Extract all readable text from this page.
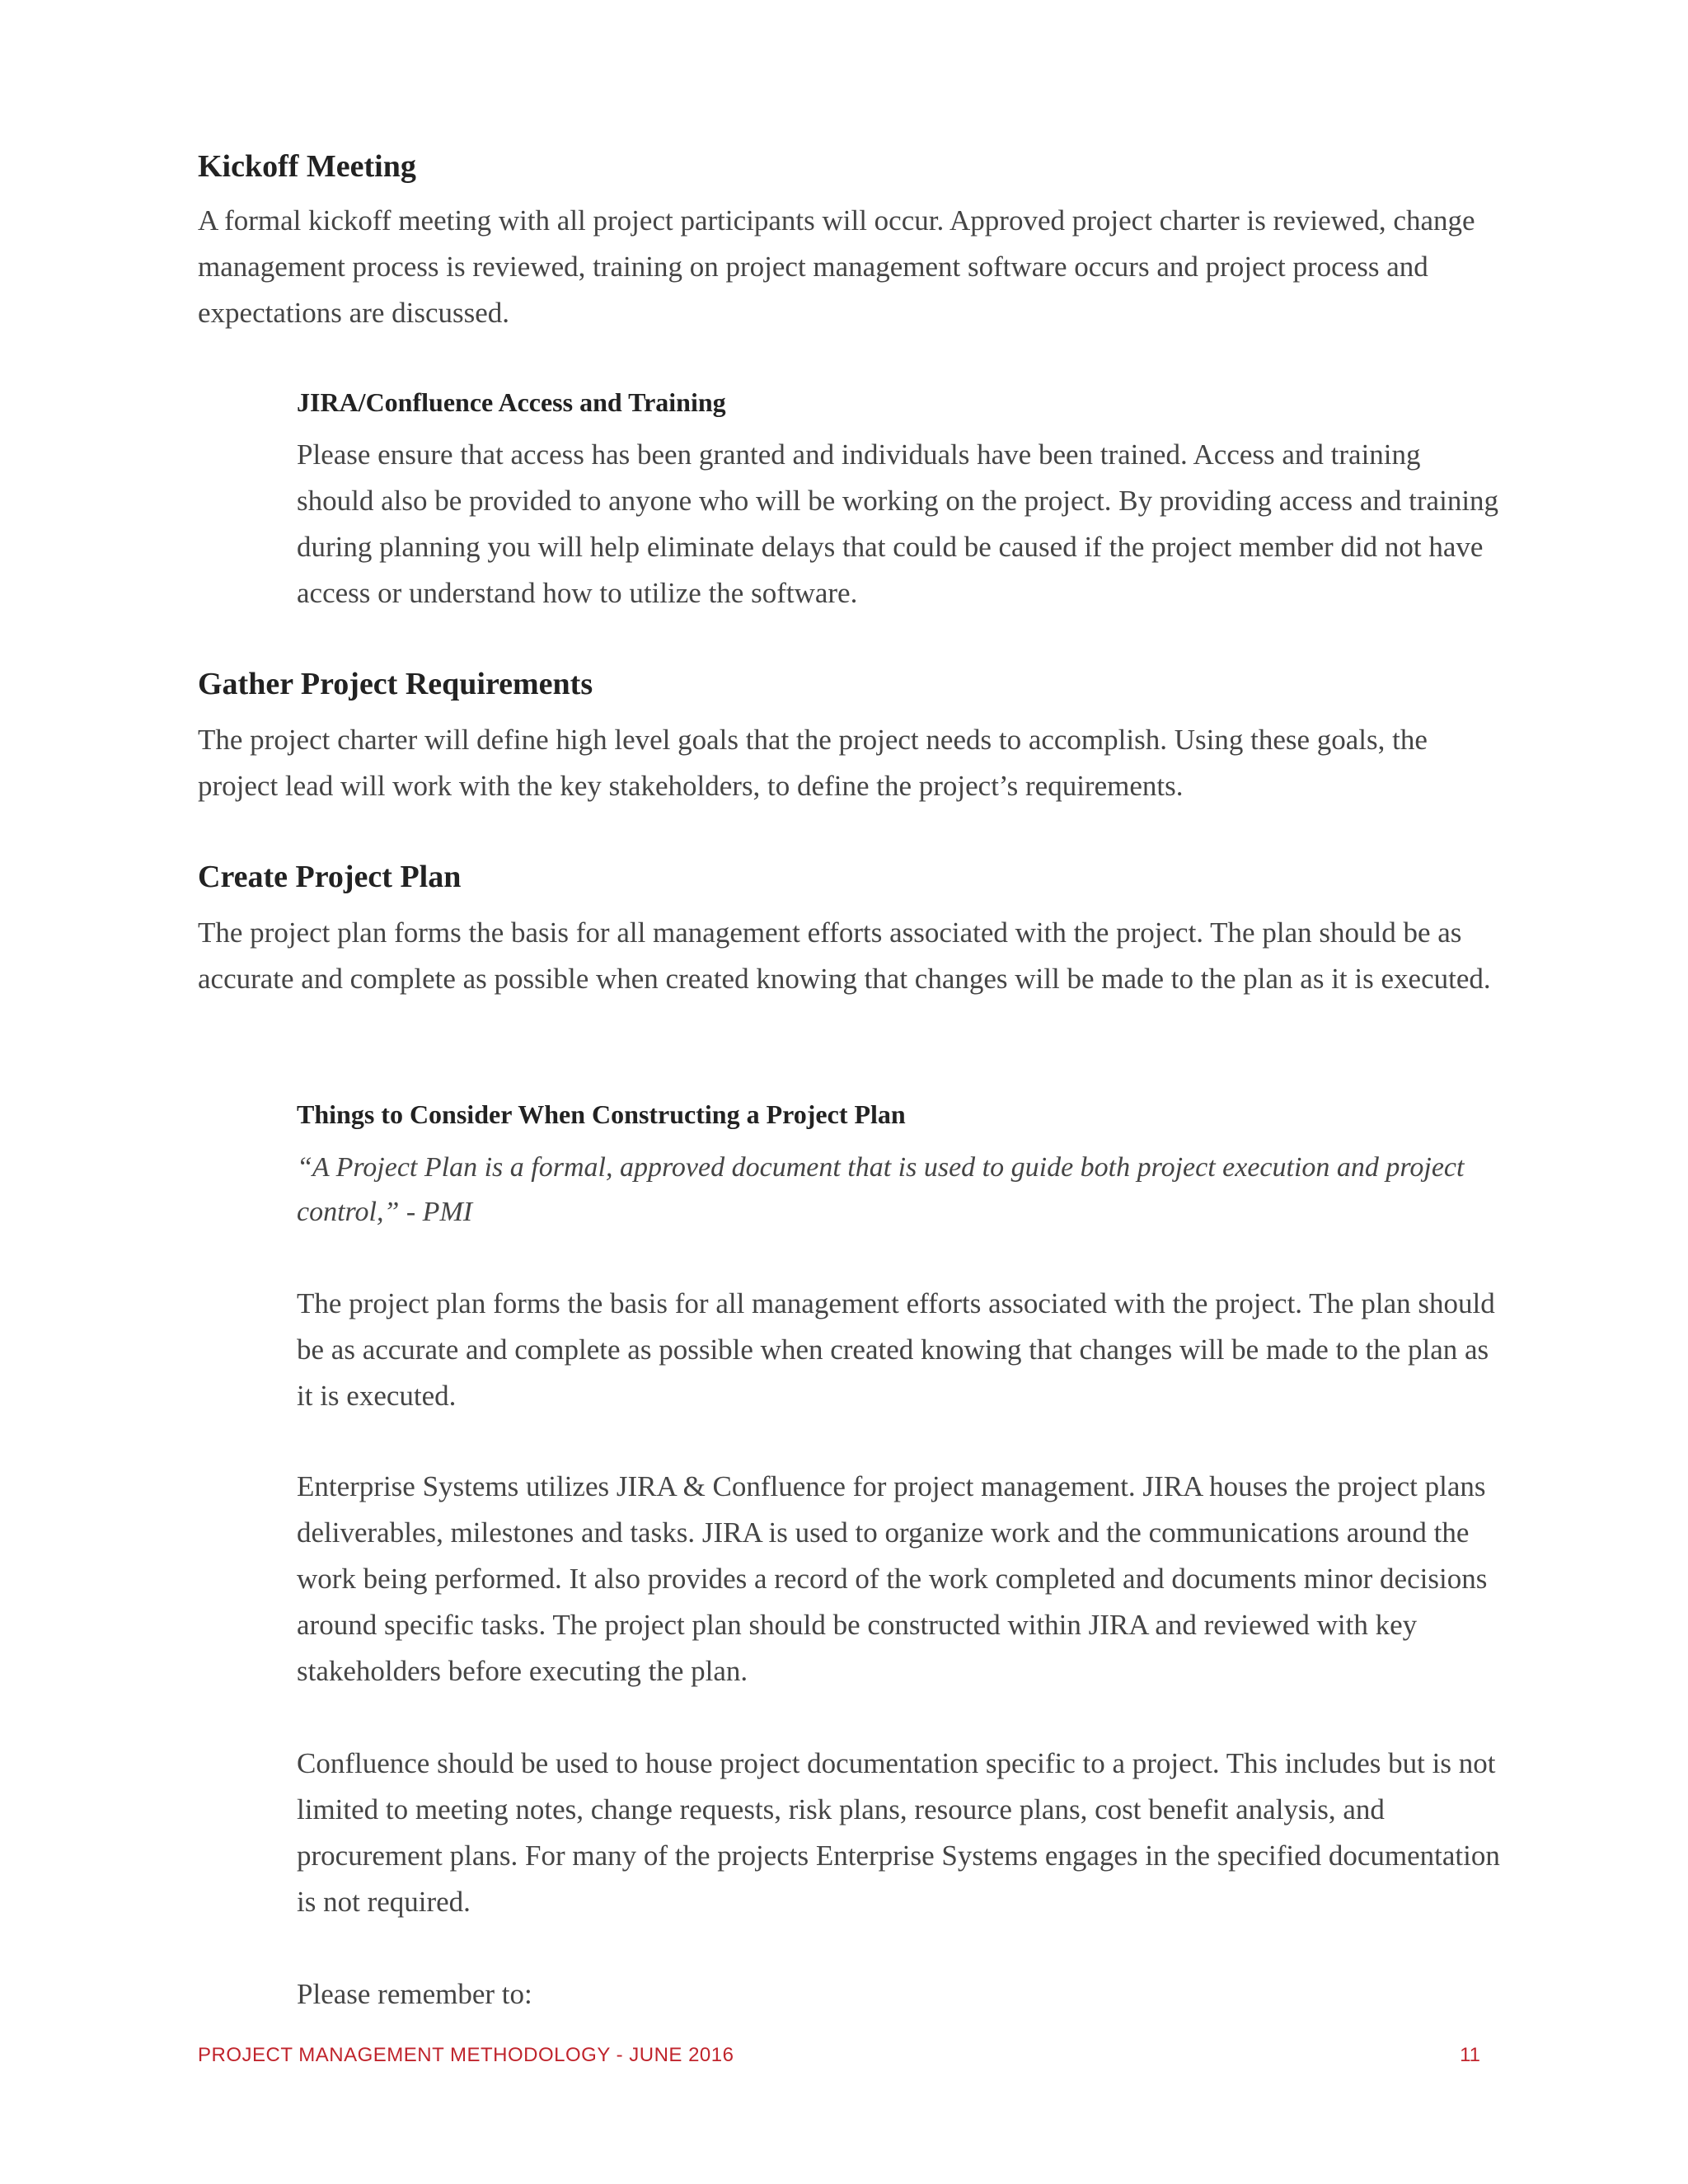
Kickoff Meeting

A formal kickoff meeting with all project participants will occur. Approved project charter is reviewed, change management process is reviewed, training on project management software occurs and project process and expectations are discussed.

JIRA/Confluence Access and Training

Please ensure that access has been granted and individuals have been trained. Access and training should also be provided to anyone who will be working on the project. By providing access and training during planning you will help eliminate delays that could be caused if the project member did not have access or understand how to utilize the software.

Gather Project Requirements

The project charter will define high level goals that the project needs to accomplish. Using these goals, the project lead will work with the key stakeholders, to define the project’s requirements.

Create Project Plan

The project plan forms the basis for all management efforts associated with the project. The plan should be as accurate and complete as possible when created knowing that changes will be made to the plan as it is executed.

Things to Consider When Constructing a Project Plan

“A Project Plan is a formal, approved document that is used to guide both project execution and project control,” - PMI

The project plan forms the basis for all management efforts associated with the project. The plan should be as accurate and complete as possible when created knowing that changes will be made to the plan as it is executed.

Enterprise Systems utilizes JIRA & Confluence for project management. JIRA houses the project plans deliverables, milestones and tasks. JIRA is used to organize work and the communications around the work being performed. It also provides a record of the work completed and documents minor decisions around specific tasks. The project plan should be constructed within JIRA and reviewed with key stakeholders before executing the plan.

Confluence should be used to house project documentation specific to a project. This includes but is not limited to meeting notes, change requests, risk plans, resource plans, cost benefit analysis, and procurement plans. For many of the projects Enterprise Systems engages in the specified documentation is not required.

Please remember to:

PROJECT MANAGEMENT METHODOLOGY - JUNE 2016	11
